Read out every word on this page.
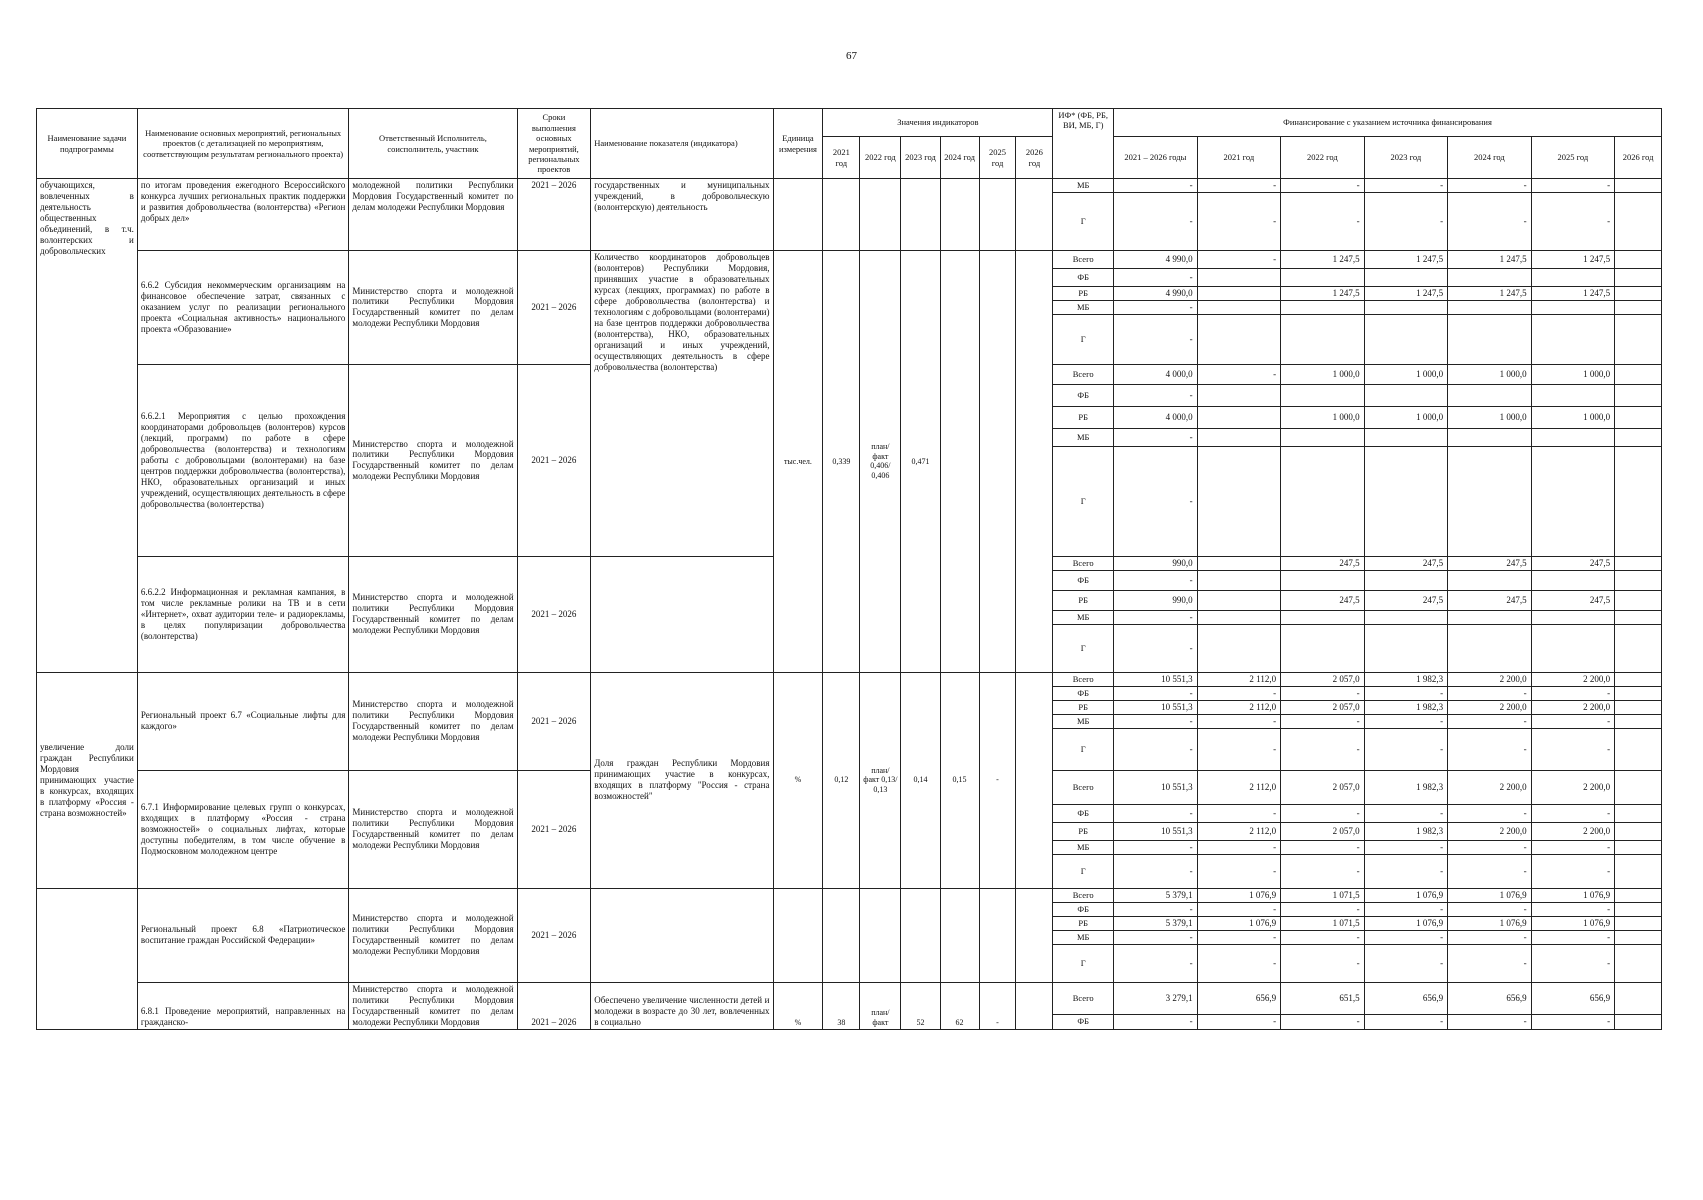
67
Наименование задачи подпрограммы	Наименование основных мероприятий, региональных проектов (с детализацией по мероприятиям, соответствующим результатам регионального проекта)	Ответственный Исполнитель, соисполнитель, участник	Сроки выполнения основных мероприятий, региональных проектов	Наименование показателя (индикатора)	Единица измерения	Значения индикаторов						ИФ* (ФБ, РБ, ВИ, МБ, Г)	Финансирование с указанием источника финансирования						
						2021 год	2022 год	2023 год	2024 год	2025 год	2026 год		2021 – 2026 годы	2021 год	2022 год	2023 год	2024 год	2025 год	2026 год
обучающихся, вовлеченных в деятельность общественных объединений, в т.ч. волонтерских и добровольческих	по итогам проведения ежегодного Всероссийского конкурса лучших региональных практик поддержки и развития добровольчества (волонтерства) «Регион добрых дел»	молодежной политики Республики Мордовия Государственный комитет по делам молодежи Республики Мордовия	2021 – 2026	государственных и муниципальных учреждений, в добровольческую (волонтерскую) деятельность								МБ	-	-	-	-	-	-	
												Г	-	-	-	-	-	-	
	6.6.2 Субсидия некоммерческим организациям на финансовое обеспечение затрат, связанных с оказанием услуг по реализации регионального проекта «Социальная активность» национального проекта «Образование»	Министерство спорта и молодежной политики Республики Мордовия Государственный комитет по делам молодежи Республики Мордовия	2021 – 2026	Количество координаторов добровольцев (волонтеров) Республики Мордовия, принявших участие в образовательных курсах (лекциях, программах) по работе в сфере добровольчества (волонтерства) и технологиям с добровольцами (волонтерами) на базе центров поддержки добровольчества (волонтерства), НКО, образовательных организаций и иных учреждений, осуществляющих деятельность в сфере добровольчества (волонтерства)	тыс.чел.	0,339	план/ факт 0,406/ 0,406	0,471				Всего	4 990,0	-	1 247,5	1 247,5	1 247,5	1 247,5	
												ФБ	-						
												РБ	4 990,0		1 247,5	1 247,5	1 247,5	1 247,5	
												МБ	-						
												Г	-						
	6.6.2.1 Мероприятия с целью прохождения координаторами добровольцев (волонтеров) курсов (лекций, программ) по работе в сфере добровольчества (волонтерства) и технологиям работы с добровольцами (волонтерами) на базе центров поддержки добровольчества (волонтерства), НКО, образовательных организаций и иных учреждений, осуществляющих деятельность в сфере добровольчества (волонтерства)	Министерство спорта и молодежной политики Республики Мордовия Государственный комитет по делам молодежи Республики Мордовия	2021 – 2026									Всего	4 000,0	-	1 000,0	1 000,0	1 000,0	1 000,0	
												ФБ	-						
												РБ	4 000,0		1 000,0	1 000,0	1 000,0	1 000,0	
												МБ	-						
												Г	-						
	6.6.2.2 Информационная и рекламная кампания, в том числе рекламные ролики на ТВ и в сети «Интернет», охват аудитории теле- и радиорекламы, в целях популяризации добровольчества (волонтерства)	Министерство спорта и молодежной политики Республики Мордовия Государственный комитет по делам молодежи Республики Мордовия	2021 – 2026									Всего	990,0		247,5	247,5	247,5	247,5	
												ФБ	-						
												РБ	990,0		247,5	247,5	247,5	247,5	
												МБ	-						
												Г	-						
увеличение доли граждан Республики Мордовия принимающих участие в конкурсах, входящих в платформу «Россия - страна возможностей»	Региональный проект 6.7 «Социальные лифты для каждого»	Министерство спорта и молодежной политики Республики Мордовия Государственный комитет по делам молодежи Республики Мордовия	2021 – 2026	Доля граждан Республики Мордовия принимающих участие в конкурсах, входящих в платформу "Россия - страна возможностей"	%	0,12	план/ факт 0,13/ 0,13	0,14	0,15	-		Всего	10 551,3	2 112,0	2 057,0	1 982,3	2 200,0	2 200,0	
												ФБ	-	-	-	-	-	-	
												РБ	10 551,3	2 112,0	2 057,0	1 982,3	2 200,0	2 200,0	
												МБ	-	-	-	-	-	-	
												Г	-	-	-	-	-	-	
	6.7.1 Информирование целевых групп о конкурсах, входящих в платформу «Россия - страна возможностей» о социальных лифтах, которые доступны победителям, в том числе обучение в Подмосковном молодежном центре	Министерство спорта и молодежной политики Республики Мордовия Государственный комитет по делам молодежи Республики Мордовия	2021 – 2026									Всего	10 551,3	2 112,0	2 057,0	1 982,3	2 200,0	2 200,0	
												ФБ	-	-	-	-	-	-	
												РБ	10 551,3	2 112,0	2 057,0	1 982,3	2 200,0	2 200,0	
												МБ	-	-	-	-	-	-	
												Г	-	-	-	-	-	-	
	Региональный проект 6.8 «Патриотическое воспитание граждан Российской Федерации»	Министерство спорта и молодежной политики Республики Мордовия Государственный комитет по делам молодежи Республики Мордовия	2021 – 2026									Всего	5 379,1	1 076,9	1 071,5	1 076,9	1 076,9	1 076,9	
												ФБ	-	-	-	-	-	-	
												РБ	5 379,1	1 076,9	1 071,5	1 076,9	1 076,9	1 076,9	
												МБ	-	-	-	-	-	-	
												Г	-	-	-	-	-	-	
	6.8.1 Проведение мероприятий, направленных на гражданско-	Министерство спорта и молодежной политики Республики Мордовия Государственный комитет по делам молодежи Республики Мордовия	2021 – 2026	Обеспечено увеличение численности детей и молодежи в возрасте до 30 лет, вовлеченных в социально	%	38	план/ факт	52	62	-		Всего	3 279,1	656,9	651,5	656,9	656,9	656,9	
												ФБ	-	-	-	-	-	-	
